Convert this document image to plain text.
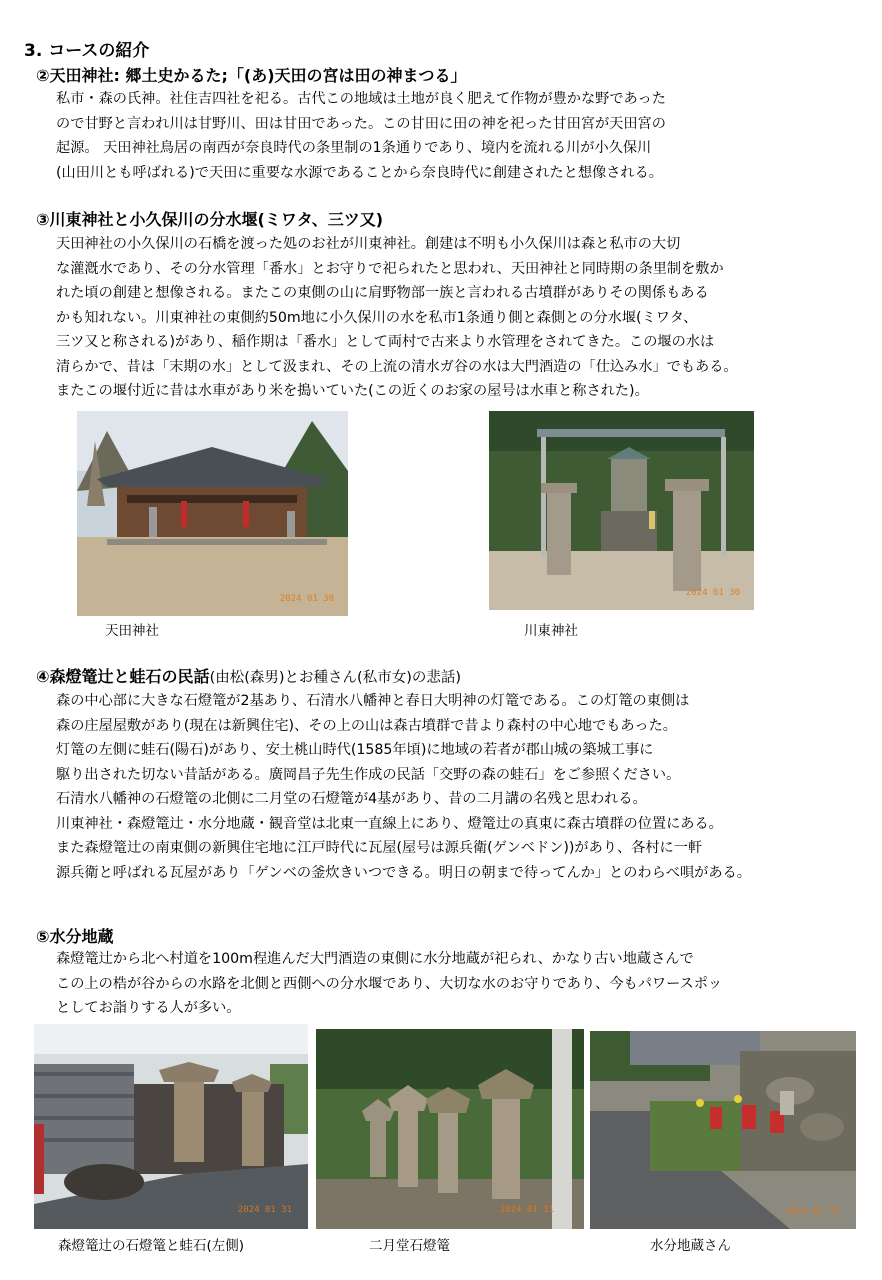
3. コースの紹介
②天田神社: 郷土史かるた;「(あ)天田の宮は田の神まつる」
私市・森の氏神。社住吉四社を祀る。古代この地域は土地が良く肥えて作物が豊かな野であった
ので甘野と言われ川は甘野川、田は甘田であった。この甘田に田の神を祀った甘田宮が天田宮の
起源。 天田神社鳥居の南西が奈良時代の条里制の1条通りであり、境内を流れる川が小久保川
(山田川とも呼ばれる)で天田に重要な水源であることから奈良時代に創建されたと想像される。
③川東神社と小久保川の分水堰(ミワタ、三ツ又)
天田神社の小久保川の石橋を渡った処のお社が川東神社。創建は不明も小久保川は森と私市の大切
な灌漑水であり、その分水管理「番水」とお守りで祀られたと思われ、天田神社と同時期の条里制を敷か
れた頃の創建と想像される。またこの東側の山に肩野物部一族と言われる古墳群がありその関係もある
かも知れない。川東神社の東側約50m地に小久保川の水を私市1条通り側と森側との分水堰(ミワタ、
三ツ又と称される)があり、稲作期は「番水」として両村で古来より水管理をされてきた。この堰の水は
清らかで、昔は「末期の水」として汲まれ、その上流の清水ガ谷の水は大門酒造の「仕込み水」でもある。
またこの堰付近に昔は水車があり米を搗いていた(この近くのお家の屋号は水車と称された)。
2024 01 30
天田神社
2024 01 30
川東神社
④森燈篭辻と蛙石の民話(由松(森男)とお種さん(私市女)の悲話)
森の中心部に大きな石燈篭が2基あり、石清水八幡神と春日大明神の灯篭である。この灯篭の東側は
森の庄屋屋敷があり(現在は新興住宅)、その上の山は森古墳群で昔より森村の中心地でもあった。
灯篭の左側に蛙石(陽石)があり、安土桃山時代(1585年頃)に地域の若者が郡山城の築城工事に
駆り出された切ない昔話がある。廣岡昌子先生作成の民話「交野の森の蛙石」をご参照ください。
石清水八幡神の石燈篭の北側に二月堂の石燈篭が4基があり、昔の二月講の名残と思われる。
川東神社・森燈篭辻・水分地蔵・観音堂は北東一直線上にあり、燈篭辻の真東に森古墳群の位置にある。
また森燈篭辻の南東側の新興住宅地に江戸時代に瓦屋(屋号は源兵衛(ゲンベドン))があり、各村に一軒
源兵衛と呼ばれる瓦屋があり「ゲンベの釜炊きいつできる。明日の朝まで待ってんか」とのわらべ唄がある。
⑤水分地蔵
森燈篭辻から北へ村道を100m程進んだ大門酒造の東側に水分地蔵が祀られ、かなり古い地蔵さんで
この上の梏が谷からの水路を北側と西側への分水堰であり、大切な水のお守りであり、今もパワースポッ
としてお詣りする人が多い。
2024 01 31
森燈篭辻の石燈篭と蛙石(左側)
2024 01 31
二月堂石燈篭
2024 01 31
水分地蔵さん
